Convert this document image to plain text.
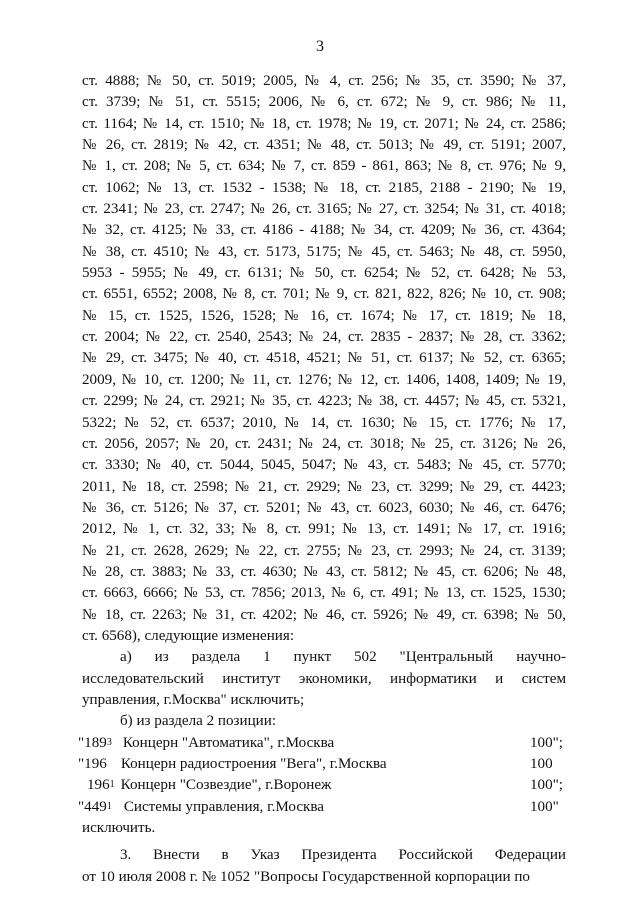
3
ст. 4888; № 50, ст. 5019; 2005, № 4, ст. 256; № 35, ст. 3590; № 37,
ст. 3739; № 51, ст. 5515; 2006, № 6, ст. 672; № 9, ст. 986; № 11,
ст. 1164; № 14, ст. 1510; № 18, ст. 1978; № 19, ст. 2071; № 24, ст. 2586;
№ 26, ст. 2819; № 42, ст. 4351; № 48, ст. 5013; № 49, ст. 5191; 2007,
№ 1, ст. 208; № 5, ст. 634; № 7, ст. 859 - 861, 863; № 8, ст. 976; № 9,
ст. 1062; № 13, ст. 1532 - 1538; № 18, ст. 2185, 2188 - 2190; № 19,
ст. 2341; № 23, ст. 2747; № 26, ст. 3165; № 27, ст. 3254; № 31, ст. 4018;
№ 32, ст. 4125; № 33, ст. 4186 - 4188; № 34, ст. 4209; № 36, ст. 4364;
№ 38, ст. 4510; № 43, ст. 5173, 5175; № 45, ст. 5463; № 48, ст. 5950,
5953 - 5955; № 49, ст. 6131; № 50, ст. 6254; № 52, ст. 6428; № 53,
ст. 6551, 6552; 2008, № 8, ст. 701; № 9, ст. 821, 822, 826; № 10, ст. 908;
№ 15, ст. 1525, 1526, 1528; № 16, ст. 1674; № 17, ст. 1819; № 18,
ст. 2004; № 22, ст. 2540, 2543; № 24, ст. 2835 - 2837; № 28, ст. 3362;
№ 29, ст. 3475; № 40, ст. 4518, 4521; № 51, ст. 6137; № 52, ст. 6365;
2009, № 10, ст. 1200; № 11, ст. 1276; № 12, ст. 1406, 1408, 1409; № 19,
ст. 2299; № 24, ст. 2921; № 35, ст. 4223; № 38, ст. 4457; № 45, ст. 5321,
5322; № 52, ст. 6537; 2010, № 14, ст. 1630; № 15, ст. 1776; № 17,
ст. 2056, 2057; № 20, ст. 2431; № 24, ст. 3018; № 25, ст. 3126; № 26,
ст. 3330; № 40, ст. 5044, 5045, 5047; № 43, ст. 5483; № 45, ст. 5770;
2011, № 18, ст. 2598; № 21, ст. 2929; № 23, ст. 3299; № 29, ст. 4423;
№ 36, ст. 5126; № 37, ст. 5201; № 43, ст. 6023, 6030; № 46, ст. 6476;
2012, № 1, ст. 32, 33; № 8, ст. 991; № 13, ст. 1491; № 17, ст. 1916;
№ 21, ст. 2628, 2629; № 22, ст. 2755; № 23, ст. 2993; № 24, ст. 3139;
№ 28, ст. 3883; № 33, ст. 4630; № 43, ст. 5812; № 45, ст. 6206; № 48,
ст. 6663, 6666; № 53, ст. 7856; 2013, № 6, ст. 491; № 13, ст. 1525, 1530;
№ 18, ст. 2263; № 31, ст. 4202; № 46, ст. 5926; № 49, ст. 6398; № 50,
ст. 6568), следующие изменения:
а) из раздела 1 пункт 502 "Центральный научно-
исследовательский институт экономики, информатики и систем
управления, г.Москва" исключить;
б) из раздела 2 позиции:
"$189^3$ Концерн "Автоматика", г.Москва	100";
"196 Концерн радиостроения "Вега", г.Москва	100
$196^1$ Концерн "Созвездие", г.Воронеж	100";
"$449^1$ Системы управления, г.Москва	100"
исключить.
3. Внести в Указ Президента Российской Федерации
от 10 июля 2008 г. № 1052 "Вопросы Государственной корпорации по
